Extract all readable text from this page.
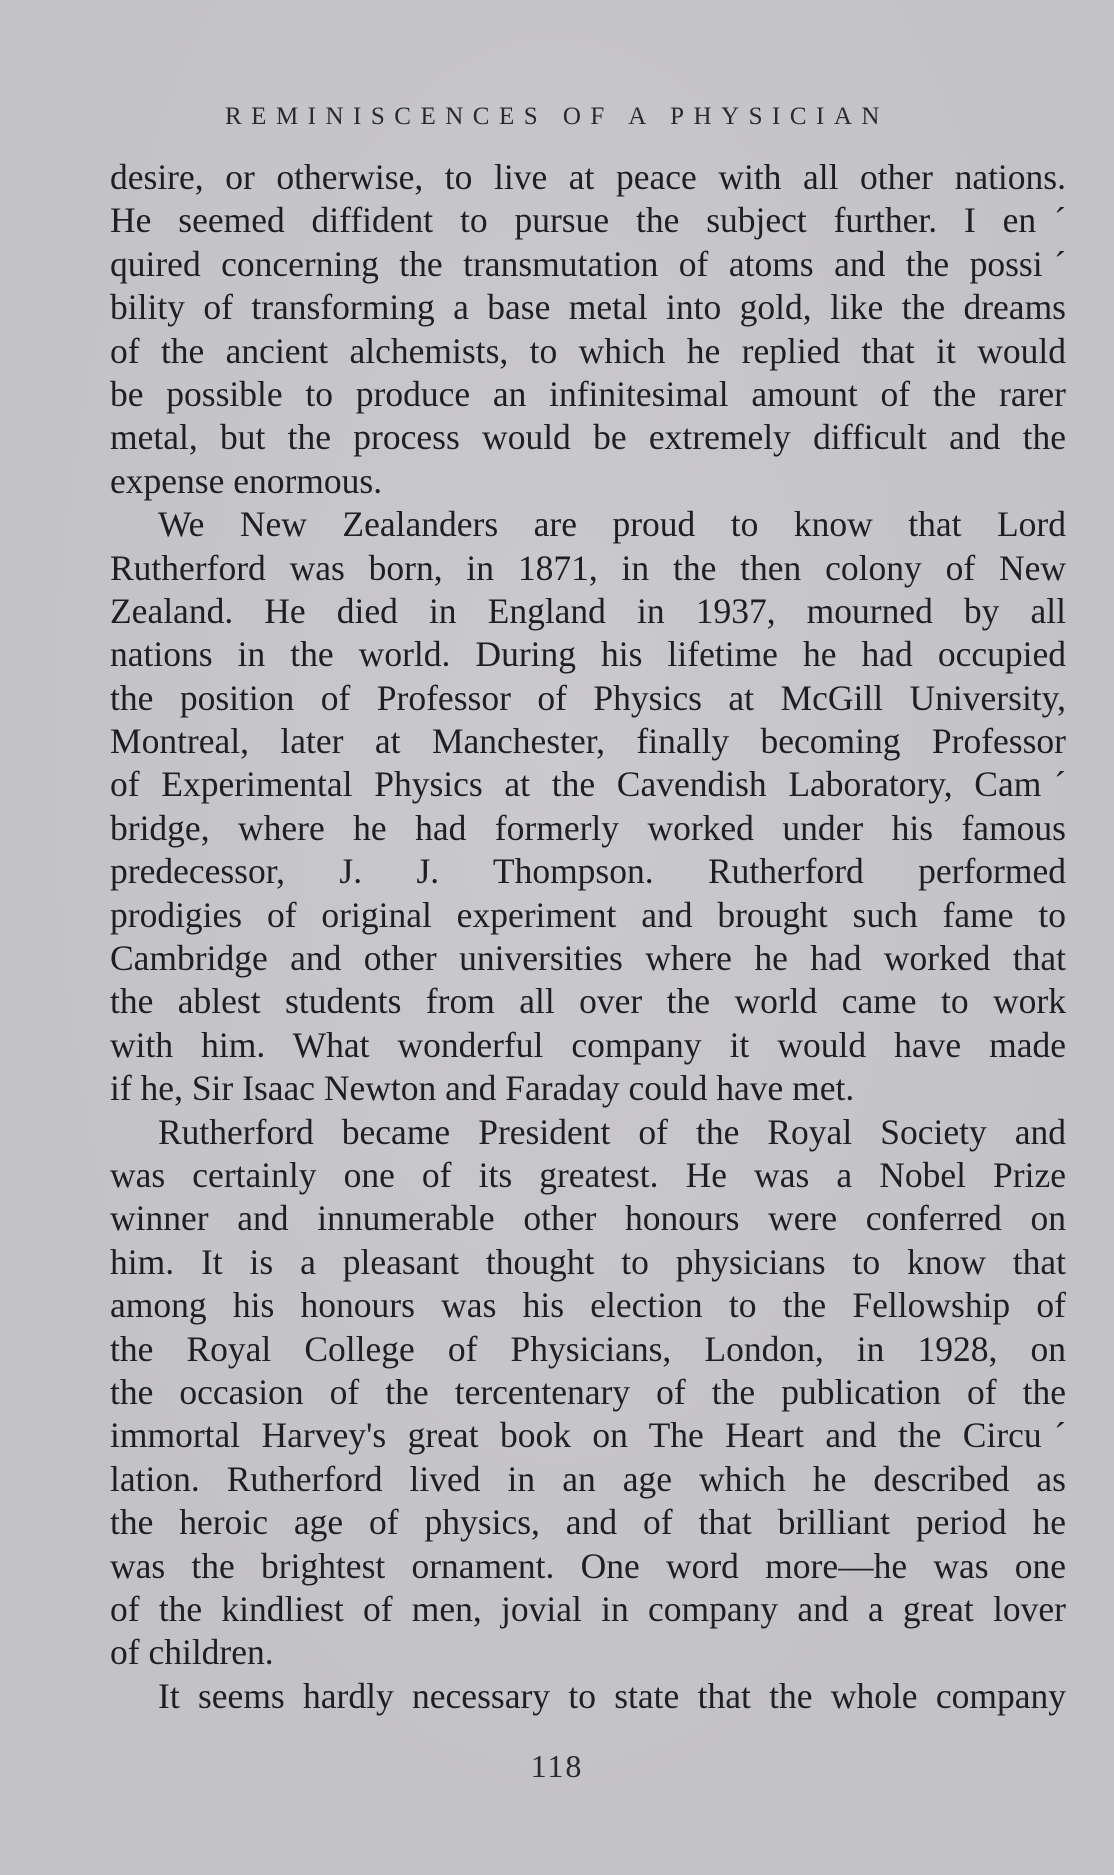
REMINISCENCES OF A PHYSICIAN
desire, or otherwise, to live at peace with all other nations.
He seemed diffident to pursue the subject further. I enˊ
quired concerning the transmutation of atoms and the possiˊ
bility of transforming a base metal into gold, like the dreams
of the ancient alchemists, to which he replied that it would
be possible to produce an infinitesimal amount of the rarer
metal, but the process would be extremely difficult and the
expense enormous.
We New Zealanders are proud to know that Lord
Rutherford was born, in 1871, in the then colony of New
Zealand. He died in England in 1937, mourned by all
nations in the world. During his lifetime he had occupied
the position of Professor of Physics at McGill University,
Montreal, later at Manchester, finally becoming Professor
of Experimental Physics at the Cavendish Laboratory, Camˊ
bridge, where he had formerly worked under his famous
predecessor, J. J. Thompson. Rutherford performed
prodigies of original experiment and brought such fame to
Cambridge and other universities where he had worked that
the ablest students from all over the world came to work
with him. What wonderful company it would have made
if he, Sir Isaac Newton and Faraday could have met.
Rutherford became President of the Royal Society and
was certainly one of its greatest. He was a Nobel Prize
winner and innumerable other honours were conferred on
him. It is a pleasant thought to physicians to know that
among his honours was his election to the Fellowship of
the Royal College of Physicians, London, in 1928, on
the occasion of the tercentenary of the publication of the
immortal Harvey's great book on The Heart and the Circuˊ
lation. Rutherford lived in an age which he described as
the heroic age of physics, and of that brilliant period he
was the brightest ornament. One word more—he was one
of the kindliest of men, jovial in company and a great lover
of children.
It seems hardly necessary to state that the whole company
118
